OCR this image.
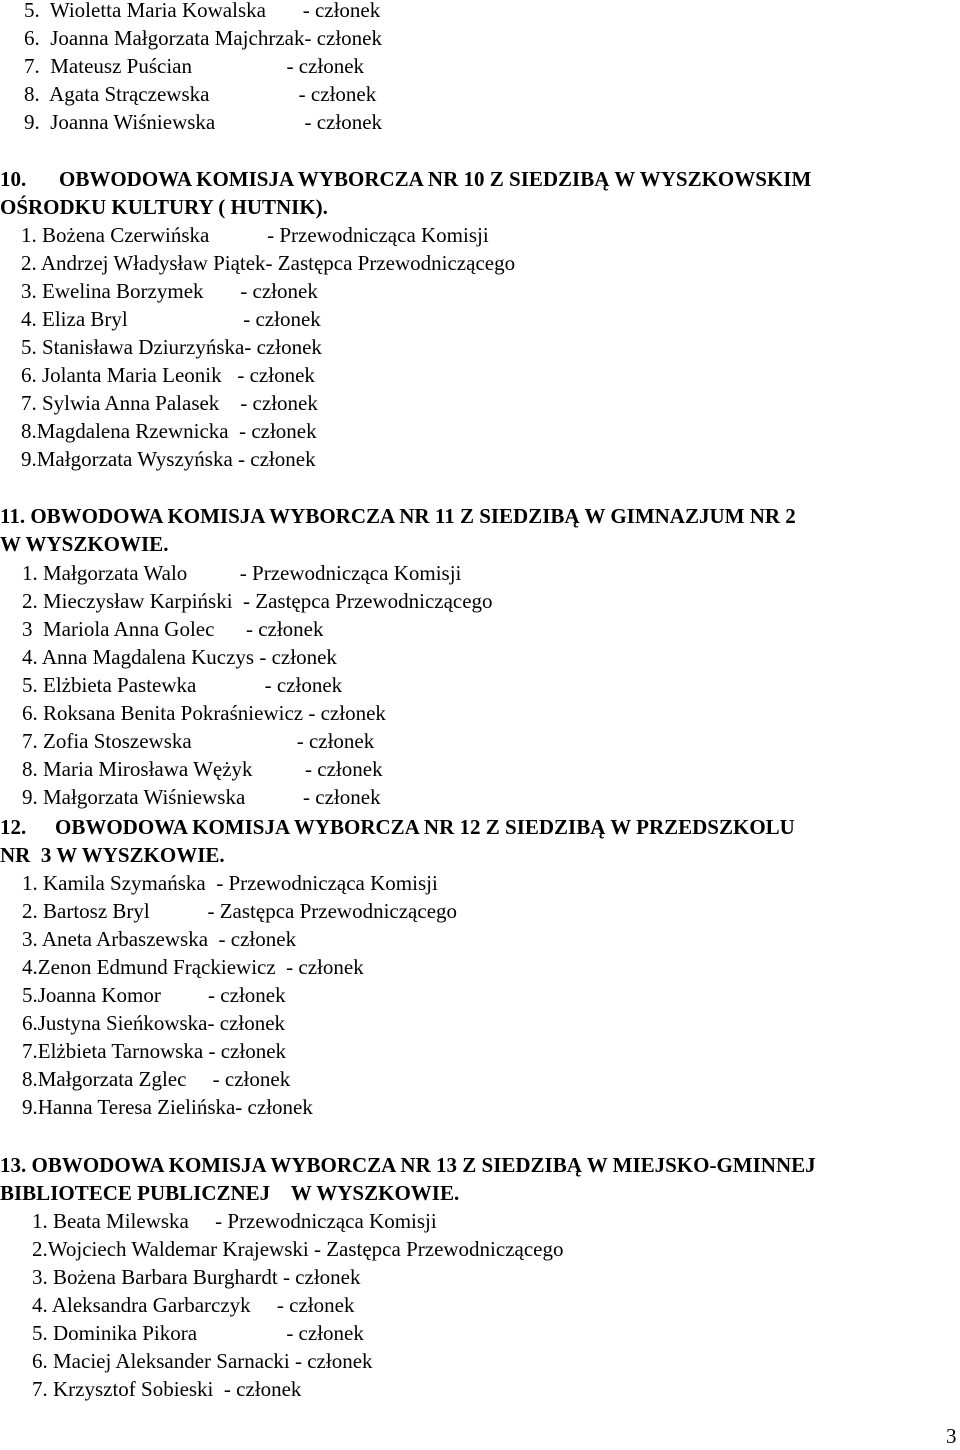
5.  Wioletta Maria Kowalska       - członek
6.  Joanna Małgorzata Majchrzak- członek
7.  Mateusz Puścian                  - członek
8.  Agata Strączewska                 - członek
9.  Joanna Wiśniewska                 - członek
10. OBWODOWA KOMISJA WYBORCZA NR 10 Z SIEDZIBĄ W WYSZKOWSKIM
OŚRODKU KULTURY ( HUTNIK).
1. Bożena Czerwińska           - Przewodnicząca Komisji
2. Andrzej Władysław Piątek- Zastępca Przewodniczącego
3. Ewelina Borzymek       - członek
4. Eliza Bryl                      - członek
5. Stanisława Dziurzyńska- członek
6. Jolanta Maria Leonik   - członek
7. Sylwia Anna Palasek    - członek
8.Magdalena Rzewnicka  - członek
9.Małgorzata Wyszyńska - członek
11. OBWODOWA KOMISJA WYBORCZA NR 11 Z SIEDZIBĄ W GIMNAZJUM NR 2
W WYSZKOWIE.
1. Małgorzata Walo          - Przewodnicząca Komisji
2. Mieczysław Karpiński  - Zastępca Przewodniczącego
3  Mariola Anna Golec      - członek
4. Anna Magdalena Kuczys - członek
5. Elżbieta Pastewka             - członek
6. Roksana Benita Pokraśniewicz - członek
7. Zofia Stoszewska                    - członek
8. Maria Mirosława Wężyk          - członek
9. Małgorzata Wiśniewska           - członek
12. OBWODOWA KOMISJA WYBORCZA NR 12 Z SIEDZIBĄ W PRZEDSZKOLU
NR  3 W WYSZKOWIE.
1. Kamila Szymańska  - Przewodnicząca Komisji
2. Bartosz Bryl           - Zastępca Przewodniczącego
3. Aneta Arbaszewska  - członek
4.Zenon Edmund Frąckiewicz  - członek
5.Joanna Komor         - członek
6.Justyna Sieńkowska- członek
7.Elżbieta Tarnowska - członek
8.Małgorzata Zglec     - członek
9.Hanna Teresa Zielińska- członek
13. OBWODOWA KOMISJA WYBORCZA NR 13 Z SIEDZIBĄ W MIEJSKO-GMINNEJ
BIBLIOTECE PUBLICZNEJ    W WYSZKOWIE.
1. Beata Milewska     - Przewodnicząca Komisji
2.Wojciech Waldemar Krajewski - Zastępca Przewodniczącego
3. Bożena Barbara Burghardt - członek
4. Aleksandra Garbarczyk     - członek
5. Dominika Pikora                 - członek
6. Maciej Aleksander Sarnacki - członek
7. Krzysztof Sobieski  - członek
3
